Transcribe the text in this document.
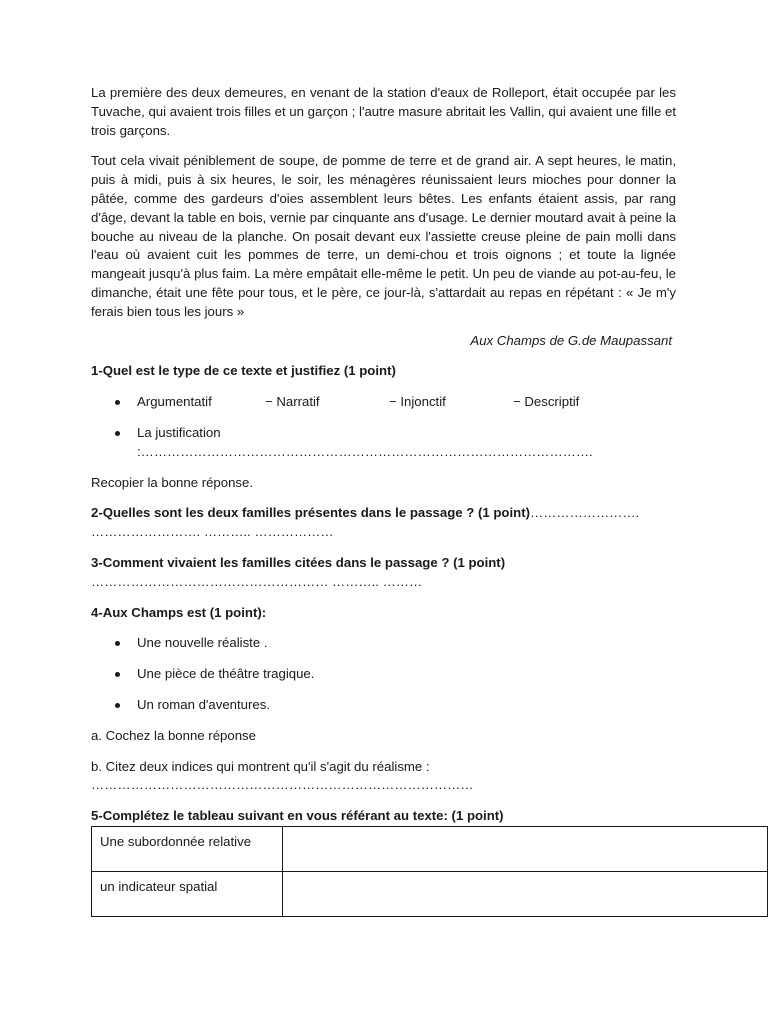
La première des deux demeures, en venant de la station d'eaux de Rolleport, était occupée par les Tuvache, qui avaient trois filles et un garçon ; l'autre masure abritait les Vallin, qui avaient une fille et trois garçons.

Tout cela vivait péniblement de soupe, de pomme de terre et de grand air. A sept heures, le matin, puis à midi, puis à six heures, le soir, les ménagères réunissaient leurs mioches pour donner la pâtée, comme des gardeurs d'oies assemblent leurs bêtes. Les enfants étaient assis, par rang d'âge, devant la table en bois, vernie par cinquante ans d'usage. Le dernier moutard avait à peine la bouche au niveau de la planche. On posait devant eux l'assiette creuse pleine de pain molli dans l'eau où avaient cuit les pommes de terre, un demi-chou et trois oignons ; et toute la lignée mangeait jusqu'à plus faim. La mère empâtait elle-même le petit. Un peu de viande au pot-au-feu, le dimanche, était une fête pour tous, et le père, ce jour-là, s'attardait au repas en répétant : « Je m'y ferais bien tous les jours »

Aux Champs de G.de Maupassant

1-Quel est le type de ce texte et justifiez (1 point)

Argumentatif	− Narratif	− Injonctif	− Descriptif
La justification :………………………………………………………………………………………….

Recopier la bonne réponse.

2-Quelles sont les deux familles présentes dans le passage ? (1 point)……………………. ……………………. ……….. ………………

3-Comment vivaient les familles citées dans le passage ? (1 point) ……………………………………………… ……….. ………

4-Aux Champs est (1 point):

Une nouvelle réaliste .
Une pièce de théâtre tragique.
Un roman d'aventures.

a. Cochez la bonne réponse

b. Citez deux indices qui montrent qu'il s'agit du réalisme :

……………………………………………………………………………

5-Complétez le tableau suivant en vous référant au texte: (1 point)

Une subordonnée relative	
un indicateur spatial	
